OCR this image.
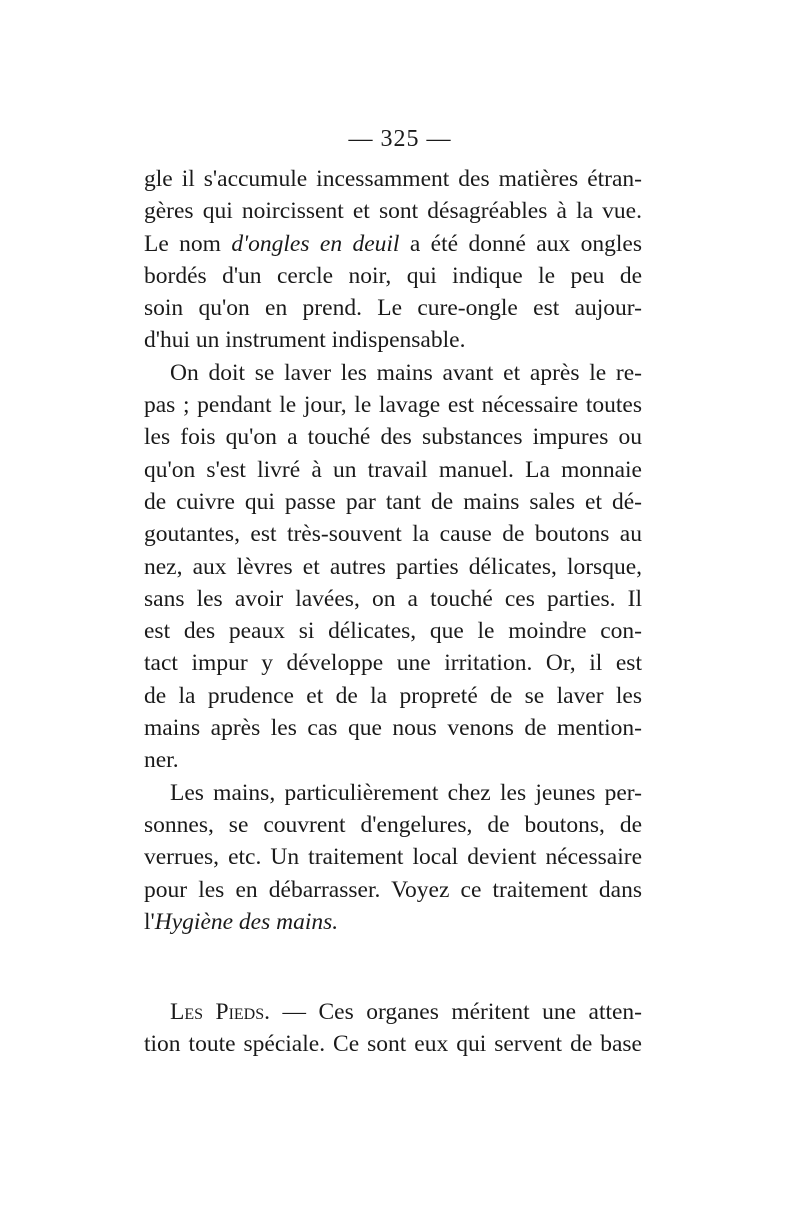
— 325 —

gle il s'accumule incessamment des matières étran-
gères qui noircissent et sont désagréables à la vue.
Le nom d'ongles en deuil a été donné aux ongles
bordés d'un cercle noir, qui indique le peu de
soin qu'on en prend. Le cure-ongle est aujour-
d'hui un instrument indispensable.

On doit se laver les mains avant et après le re-
pas ; pendant le jour, le lavage est nécessaire toutes
les fois qu'on a touché des substances impures ou
qu'on s'est livré à un travail manuel. La monnaie
de cuivre qui passe par tant de mains sales et dé-
goutantes, est très-souvent la cause de boutons au
nez, aux lèvres et autres parties délicates, lorsque,
sans les avoir lavées, on a touché ces parties. Il
est des peaux si délicates, que le moindre con-
tact impur y développe une irritation. Or, il est
de la prudence et de la propreté de se laver les
mains après les cas que nous venons de mention-
ner.

Les mains, particulièrement chez les jeunes per-
sonnes, se couvrent d'engelures, de boutons, de
verrues, etc. Un traitement local devient nécessaire
pour les en débarrasser. Voyez ce traitement dans
l'Hygiène des mains.

Les Pieds. — Ces organes méritent une atten-
tion toute spéciale. Ce sont eux qui servent de base
